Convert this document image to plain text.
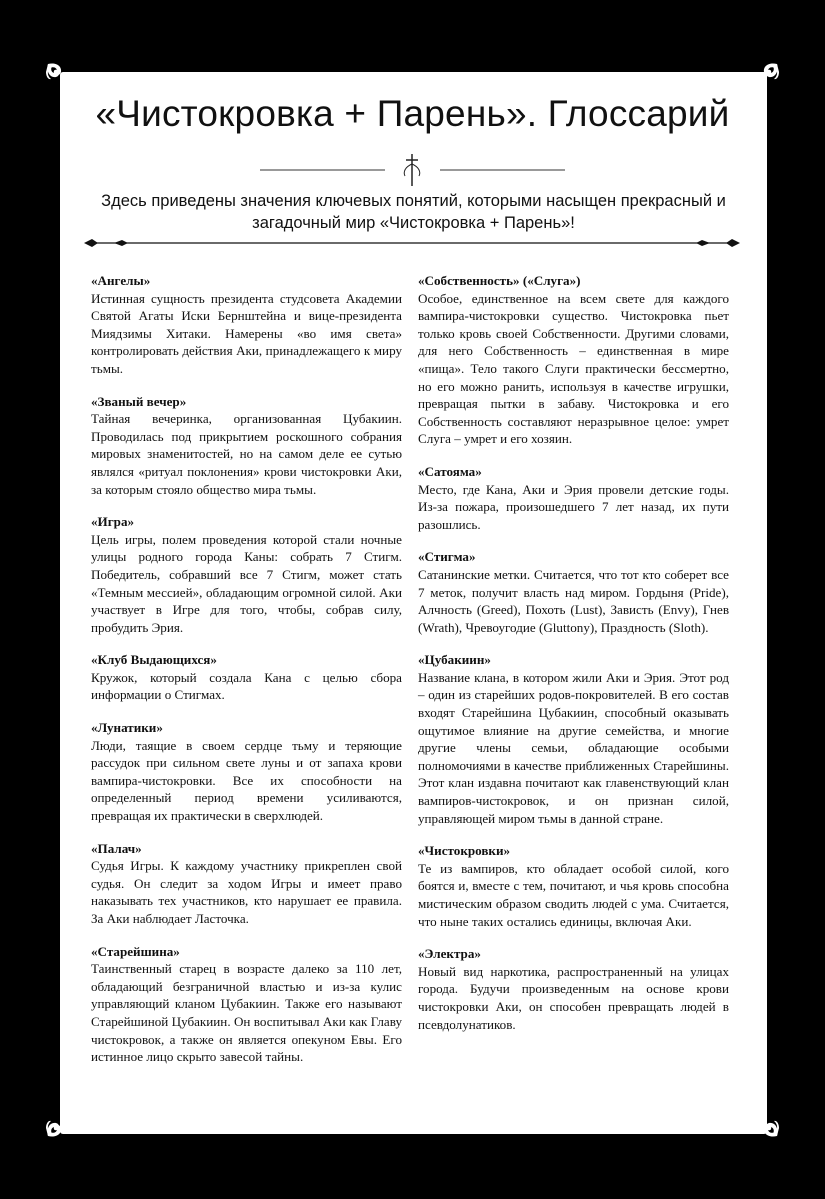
«Чистокровка + Парень». Глоссарий
Здесь приведены значения ключевых понятий, которыми насыщен прекрасный и загадочный мир «Чистокровка + Парень»!
«Ангелы»
Истинная сущность президента студсовета Академии Святой Агаты Иски Бернштейна и вице-президента Миядзимы Хитаки. Намерены «во имя света» контролировать действия Аки, принадлежащего к миру тьмы.
«Званый вечер»
Тайная вечеринка, организованная Цубакиин. Проводилась под прикрытием роскошного собрания мировых знаменитостей, но на самом деле ее сутью являлся «ритуал поклонения» крови чистокровки Аки, за которым стояло общество мира тьмы.
«Игра»
Цель игры, полем проведения которой стали ночные улицы родного города Каны: собрать 7 Стигм. Победитель, собравший все 7 Стигм, может стать «Темным мессией», обладающим огромной силой. Аки участвует в Игре для того, чтобы, собрав силу, пробудить Эрия.
«Клуб Выдающихся»
Кружок, который создала Кана с целью сбора информации о Стигмах.
«Лунатики»
Люди, таящие в своем сердце тьму и теряющие рассудок при сильном свете луны и от запаха крови вампира-чистокровки. Все их способности на определенный период времени усиливаются, превращая их практически в сверхлюдей.
«Палач»
Судья Игры. К каждому участнику прикреплен свой судья. Он следит за ходом Игры и имеет право наказывать тех участников, кто нарушает ее правила. За Аки наблюдает Ласточка.
«Старейшина»
Таинственный старец в возрасте далеко за 110 лет, обладающий безграничной властью и из-за кулис управляющий кланом Цубакиин. Также его называют Старейшиной Цубакиин. Он воспитывал Аки как Главу чистокровок, а также он является опекуном Евы. Его истинное лицо скрыто завесой тайны.
«Собственность» («Слуга»)
Особое, единственное на всем свете для каждого вампира-чистокровки существо. Чистокровка пьет только кровь своей Собственности. Другими словами, для него Собственность – единственная в мире «пища». Тело такого Слуги практически бессмертно, но его можно ранить, используя в качестве игрушки, превращая пытки в забаву. Чистокровка и его Собственность составляют неразрывное целое: умрет Слуга – умрет и его хозяин.
«Сатояма»
Место, где Кана, Аки и Эрия провели детские годы. Из-за пожара, произошедшего 7 лет назад, их пути разошлись.
«Стигма»
Сатанинские метки. Считается, что тот кто соберет все 7 меток, получит власть над миром. Гордыня (Pride), Алчность (Greed), Похоть (Lust), Зависть (Envy), Гнев (Wrath), Чревоугодие (Gluttony), Праздность (Sloth).
«Цубакиин»
Название клана, в котором жили Аки и Эрия. Этот род – один из старейших родов-покровителей. В его состав входят Старейшина Цубакиин, способный оказывать ощутимое влияние на другие семейства, и многие другие члены семьи, обладающие особыми полномочиями в качестве приближенных Старейшины. Этот клан издавна почитают как главенствующий клан вампиров-чистокровок, и он признан силой, управляющей миром тьмы в данной стране.
«Чистокровки»
Те из вампиров, кто обладает особой силой, кого боятся и, вместе с тем, почитают, и чья кровь способна мистическим образом сводить людей с ума. Считается, что ныне таких остались единицы, включая Аки.
«Электра»
Новый вид наркотика, распространенный на улицах города. Будучи произведенным на основе крови чистокровки Аки, он способен превращать людей в псевдолунатиков.
